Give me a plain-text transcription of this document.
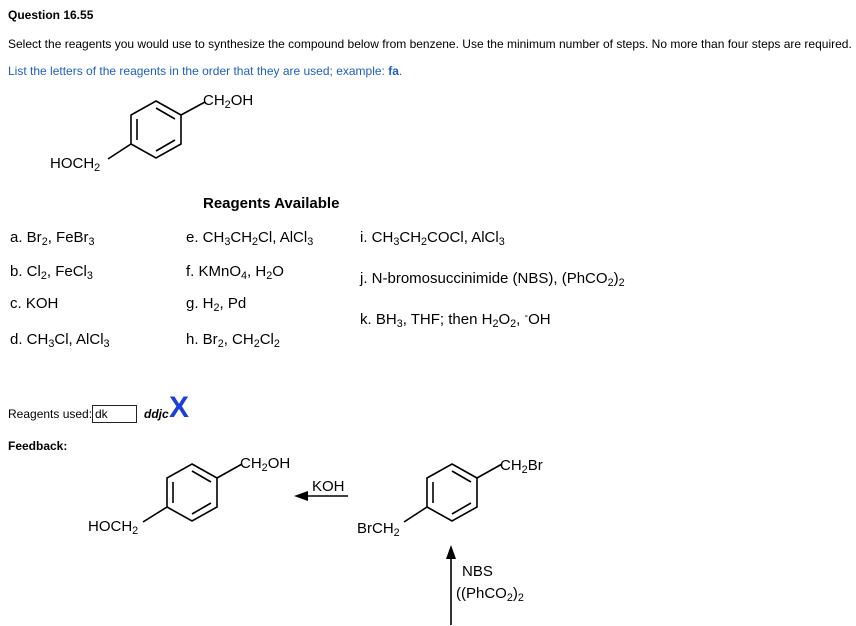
Question 16.55
Select the reagents you would use to synthesize the compound below from benzene. Use the minimum number of steps. No more than four steps are required.
List the letters of the reagents in the order that they are used; example: fa.
$CH_2OH$
$HOCH_2$
Reagents Available
a. $Br_2$, FeBr$_3$
b. $Cl_2$, FeCl$_3$
c. KOH
d. $CH_3Cl$, AlCl$_3$
e. $CH_3CH_2Cl$, AlCl$_3$
f. KMnO$_4$, $H_2O$
g. $H_2$, Pd
h. $Br_2$, $CH_2Cl_2$
i. $CH_3CH_2COCl$, AlCl$_3$
j. N-bromosuccinimide (NBS), $(PhCO_2)_2$
k. $BH_3$, THF; then $H_2O_2$, -OH
Reagents used: dk	ddjc X
Feedback:
$CH_2OH$
$HOCH_2$
KOH
$CH_2Br$
BrCH$_2$
NBS
($(PhCO_2)_2$
